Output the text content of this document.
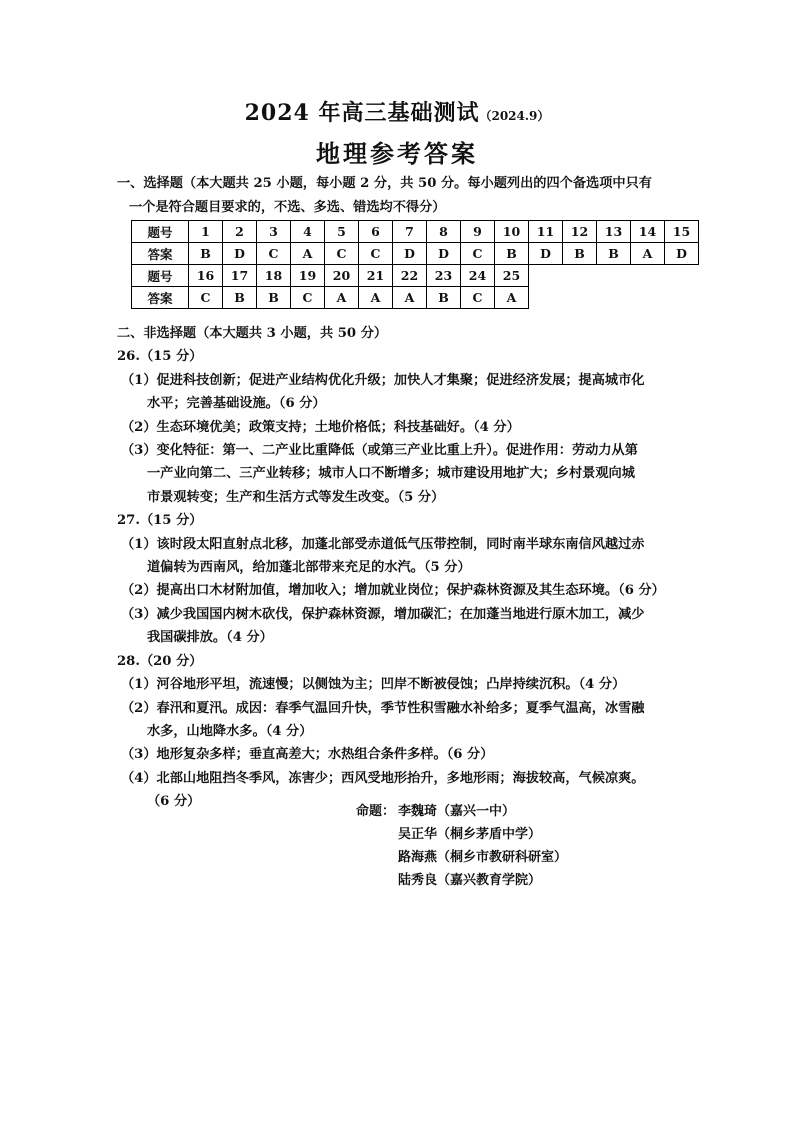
2024 年高三基础测试（2024.9）
地理参考答案
一、选择题（本大题共 25 小题，每小题 2 分，共 50 分。每小题列出的四个备选项中只有
一个是符合题目要求的，不选、多选、错选均不得分）
题号	1	2	3	4	5	6	7	8	9	10	11	12	13	14	15
答案	B	D	C	A	C	C	D	D	C	B	D	B	B	A	D
题号	16	17	18	19	20	21	22	23	24	25
答案	C	B	B	C	A	A	A	B	C	A
二、非选择题（本大题共 3 小题，共 50 分）
26.（15 分）
（1）促进科技创新；促进产业结构优化升级；加快人才集聚；促进经济发展；提高城市化
水平；完善基础设施。（6 分）
（2）生态环境优美；政策支持；土地价格低；科技基础好。（4 分）
（3）变化特征：第一、二产业比重降低（或第三产业比重上升）。促进作用：劳动力从第
一产业向第二、三产业转移；城市人口不断增多；城市建设用地扩大；乡村景观向城
市景观转变；生产和生活方式等发生改变。（5 分）
27.（15 分）
（1）该时段太阳直射点北移，加蓬北部受赤道低气压带控制，同时南半球东南信风越过赤
道偏转为西南风，给加蓬北部带来充足的水汽。（5 分）
（2）提高出口木材附加值，增加收入；增加就业岗位；保护森林资源及其生态环境。（6 分）
（3）减少我国国内树木砍伐，保护森林资源，增加碳汇；在加蓬当地进行原木加工，减少
我国碳排放。（4 分）
28.（20 分）
（1）河谷地形平坦，流速慢；以侧蚀为主；凹岸不断被侵蚀；凸岸持续沉积。（4 分）
（2）春汛和夏汛。成因：春季气温回升快，季节性积雪融水补给多；夏季气温高，冰雪融
水多，山地降水多。（4 分）
（3）地形复杂多样；垂直高差大；水热组合条件多样。（6 分）
（4）北部山地阻挡冬季风，冻害少；西风受地形抬升，多地形雨；海拔较高，气候凉爽。
（6 分）
命题： 李魏琦（嘉兴一中）
吴正华（桐乡茅盾中学）
路海燕（桐乡市教研科研室）
陆秀良（嘉兴教育学院）
